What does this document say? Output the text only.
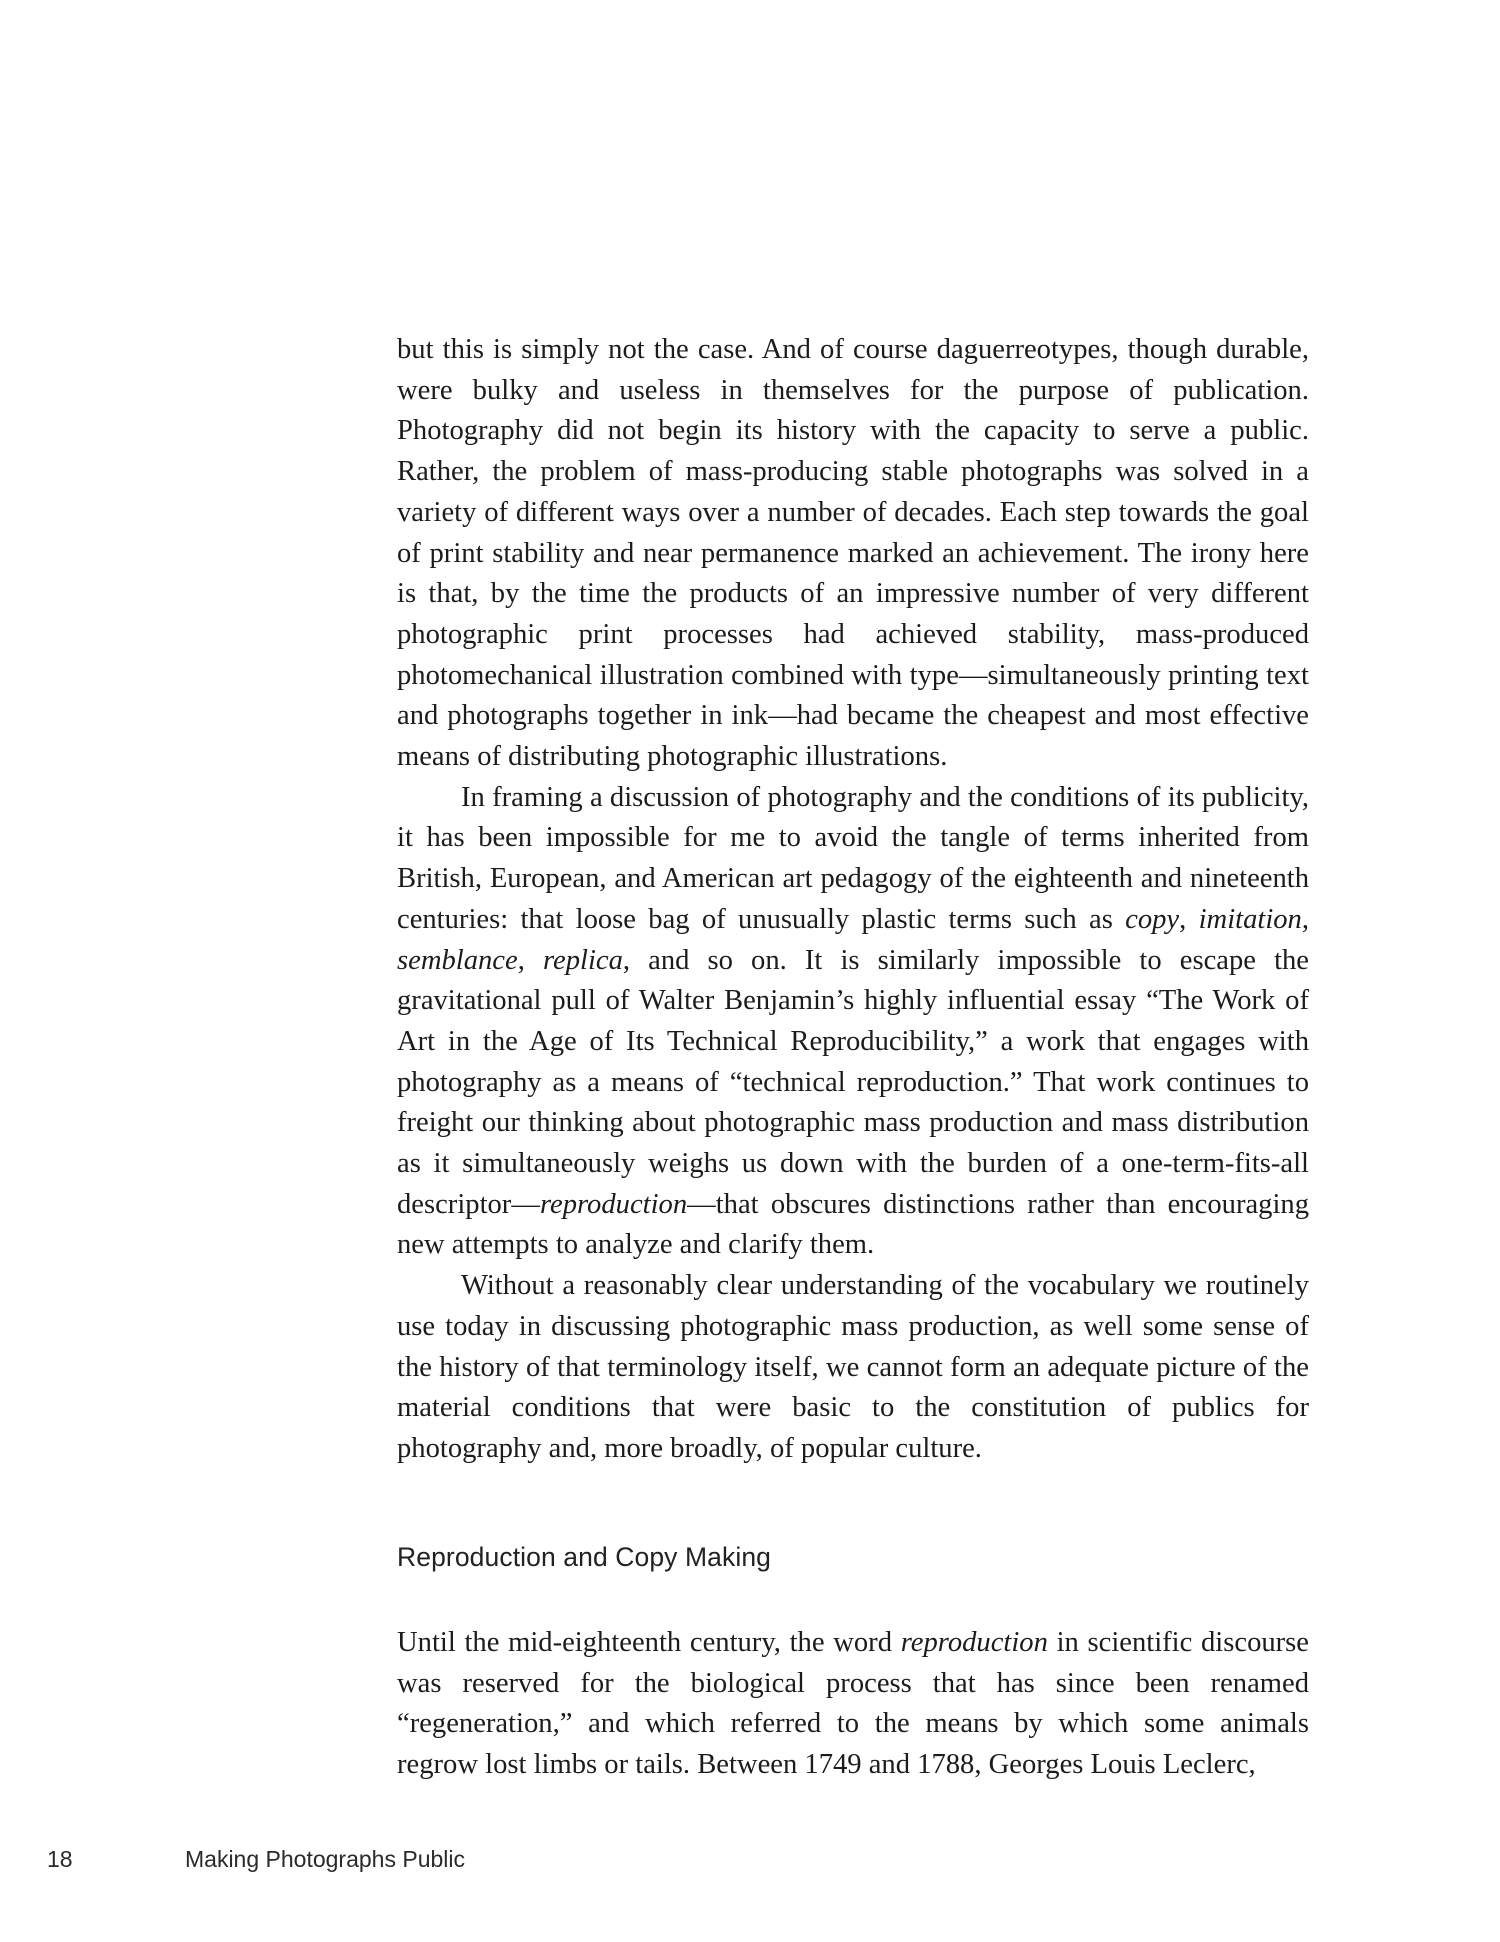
but this is simply not the case. And of course daguerreotypes, though durable, were bulky and useless in themselves for the purpose of publication. Photography did not begin its history with the capacity to serve a public. Rather, the problem of mass-producing stable photographs was solved in a variety of different ways over a number of decades. Each step towards the goal of print stability and near permanence marked an achievement. The irony here is that, by the time the products of an impressive number of very different photographic print processes had achieved stability, mass-produced photomechanical illustration combined with type—simultaneously printing text and photographs together in ink—had became the cheapest and most effective means of distributing photographic illustrations.

In framing a discussion of photography and the conditions of its publicity, it has been impossible for me to avoid the tangle of terms inherited from British, European, and American art pedagogy of the eighteenth and nineteenth centuries: that loose bag of unusually plastic terms such as copy, imitation, semblance, replica, and so on. It is similarly impossible to escape the gravitational pull of Walter Benjamin’s highly influential essay “The Work of Art in the Age of Its Technical Reproducibility,” a work that engages with photography as a means of “technical reproduction.” That work continues to freight our thinking about photographic mass production and mass distribution as it simultaneously weighs us down with the burden of a one-term-fits-all descriptor—reproduction—that obscures distinctions rather than encouraging new attempts to analyze and clarify them.

Without a reasonably clear understanding of the vocabulary we routinely use today in discussing photographic mass production, as well some sense of the history of that terminology itself, we cannot form an adequate picture of the material conditions that were basic to the constitution of publics for photography and, more broadly, of popular culture.

Reproduction and Copy Making

Until the mid-eighteenth century, the word reproduction in scientific discourse was reserved for the biological process that has since been renamed “regeneration,” and which referred to the means by which some animals regrow lost limbs or tails. Between 1749 and 1788, Georges Louis Leclerc,

18	Making Photographs Public
